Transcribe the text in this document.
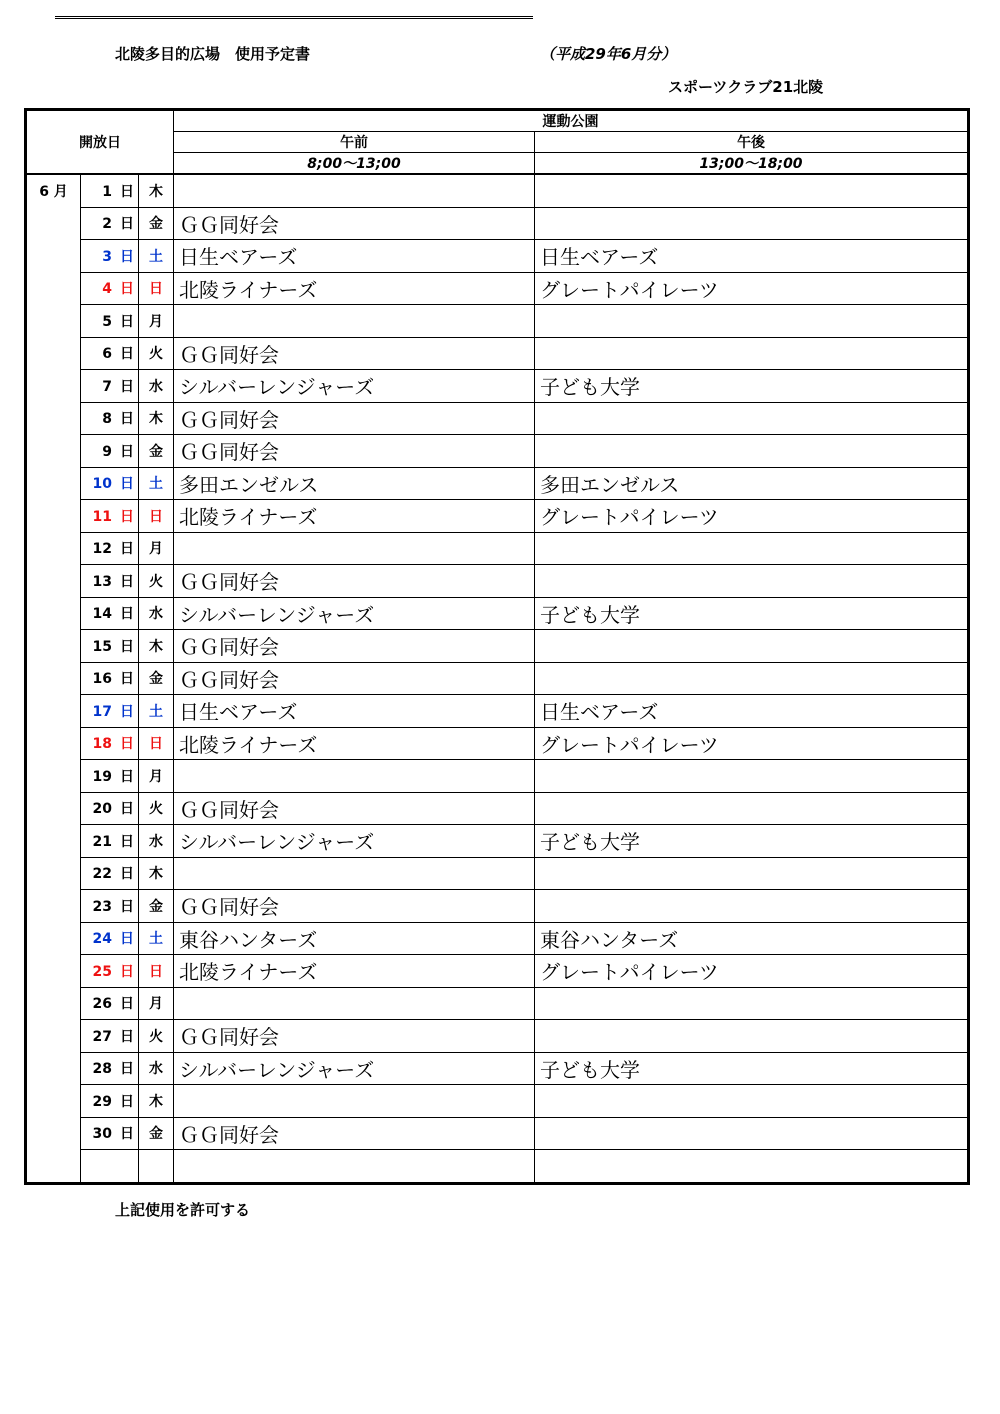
北陵多目的広場　使用予定書	（平成29年6月分）
スポーツクラブ21北陵
開放日			運動公園	
			午前	午後
			8;00～13;00	13;00～18;00
6 月	1 日	木		
	2 日	金	ＧＧ同好会	
	3 日	土	日生ベアーズ	日生ベアーズ
	4 日	日	北陵ライナーズ	グレートパイレーツ
	5 日	月		
	6 日	火	ＧＧ同好会	
	7 日	水	シルバーレンジャーズ	子ども大学
	8 日	木	ＧＧ同好会	
	9 日	金	ＧＧ同好会	
	10 日	土	多田エンゼルス	多田エンゼルス
	11 日	日	北陵ライナーズ	グレートパイレーツ
	12 日	月		
	13 日	火	ＧＧ同好会	
	14 日	水	シルバーレンジャーズ	子ども大学
	15 日	木	ＧＧ同好会	
	16 日	金	ＧＧ同好会	
	17 日	土	日生ベアーズ	日生ベアーズ
	18 日	日	北陵ライナーズ	グレートパイレーツ
	19 日	月		
	20 日	火	ＧＧ同好会	
	21 日	水	シルバーレンジャーズ	子ども大学
	22 日	木		
	23 日	金	ＧＧ同好会	
	24 日	土	東谷ハンターズ	東谷ハンターズ
	25 日	日	北陵ライナーズ	グレートパイレーツ
	26 日	月		
	27 日	火	ＧＧ同好会	
	28 日	水	シルバーレンジャーズ	子ども大学
	29 日	木		
	30 日	金	ＧＧ同好会	

上記使用を許可する
